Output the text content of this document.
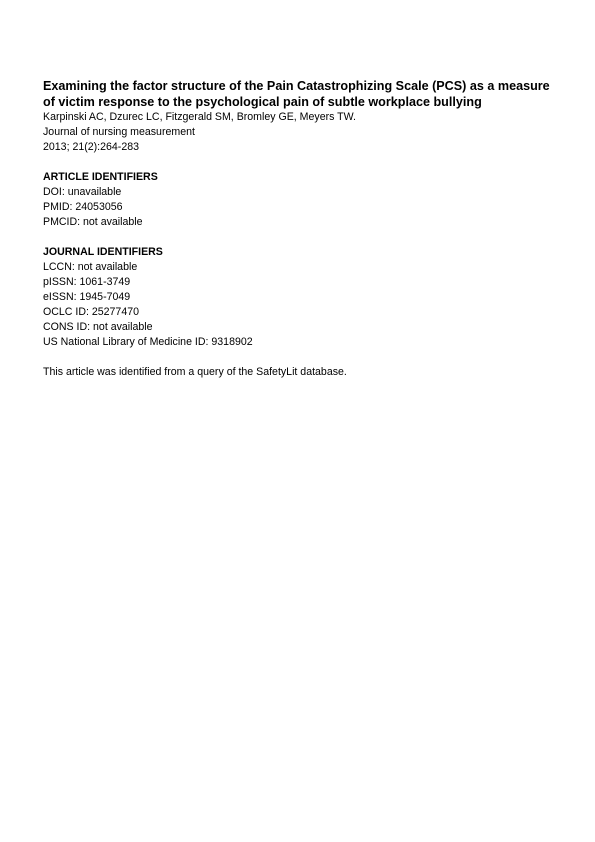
Examining the factor structure of the Pain Catastrophizing Scale (PCS) as a measure of victim response to the psychological pain of subtle workplace bullying

Karpinski AC, Dzurec LC, Fitzgerald SM, Bromley GE, Meyers TW.

Journal of nursing measurement

2013; 21(2):264-283

ARTICLE IDENTIFIERS

DOI: unavailable

PMID: 24053056

PMCID: not available

JOURNAL IDENTIFIERS

LCCN: not available

pISSN: 1061-3749

eISSN: 1945-7049

OCLC ID: 25277470

CONS ID: not available

US National Library of Medicine ID: 9318902

This article was identified from a query of the SafetyLit database.
